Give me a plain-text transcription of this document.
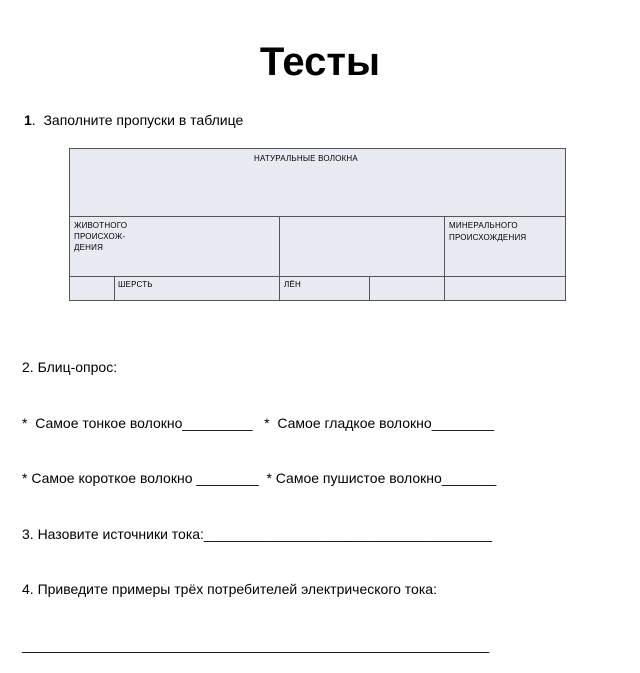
Тесты
1. Заполните пропуски в таблице
НАТУРАЛЬНЫЕ ВОЛОКНА
ЖИВОТНОГО
ПРОИСХОЖ-
ДЕНИЯ
МИНЕРАЛЬНОГО
ПРОИСХОЖДЕНИЯ
ШЕРСТЬ	ЛЁН

2. Блиц-опрос:

*  Самое тонкое волокно_________   *  Самое гладкое волокно________

* Самое короткое волокно ________  * Самое пушистое волокно_______

3. Назовите источники тока:_____________________________________

4. Приведите примеры трёх потребителей электрического тока:

____________________________________________________________
